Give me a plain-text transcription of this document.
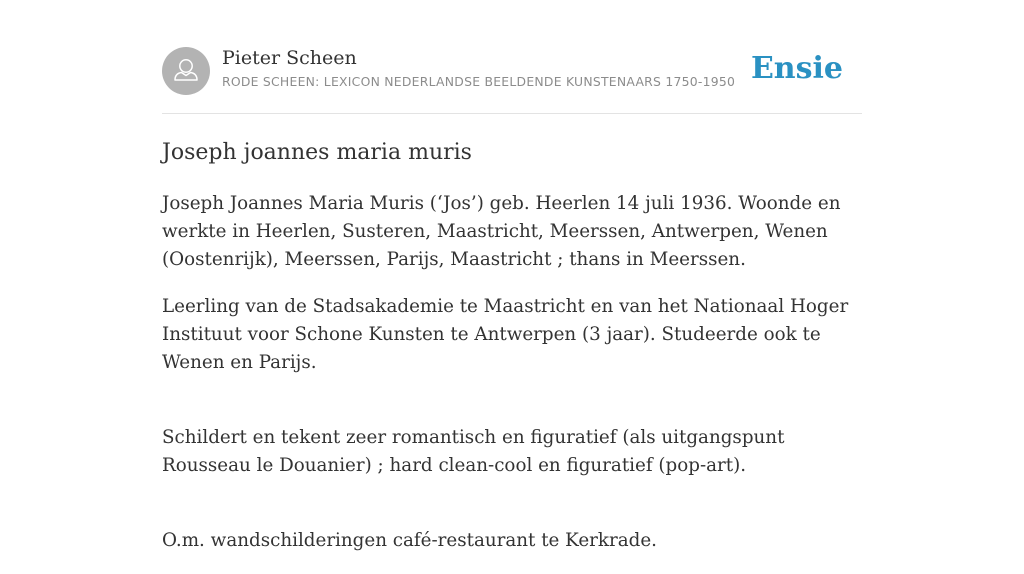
Pieter Scheen
RODE SCHEEN: LEXICON NEDERLANDSE BEELDENDE KUNSTENAARS 1750-1950 Ensie
Joseph joannes maria muris

Joseph Joannes Maria Muris (‘Jos’) geb. Heerlen 14 juli 1936. Woonde en werkte in Heerlen, Susteren, Maastricht, Meerssen, Antwerpen, Wenen (Oostenrijk), Meerssen, Parijs, Maastricht ; thans in Meerssen.

Leerling van de Stadsakademie te Maastricht en van het Nationaal Hoger Instituut voor Schone Kunsten te Antwerpen (3 jaar). Studeerde ook te Wenen en Parijs.

Schildert en tekent zeer romantisch en figuratief (als uitgangspunt Rousseau le Douanier) ; hard clean-cool en figuratief (pop-art).

O.m. wandschilderingen café-restaurant te Kerkrade.
